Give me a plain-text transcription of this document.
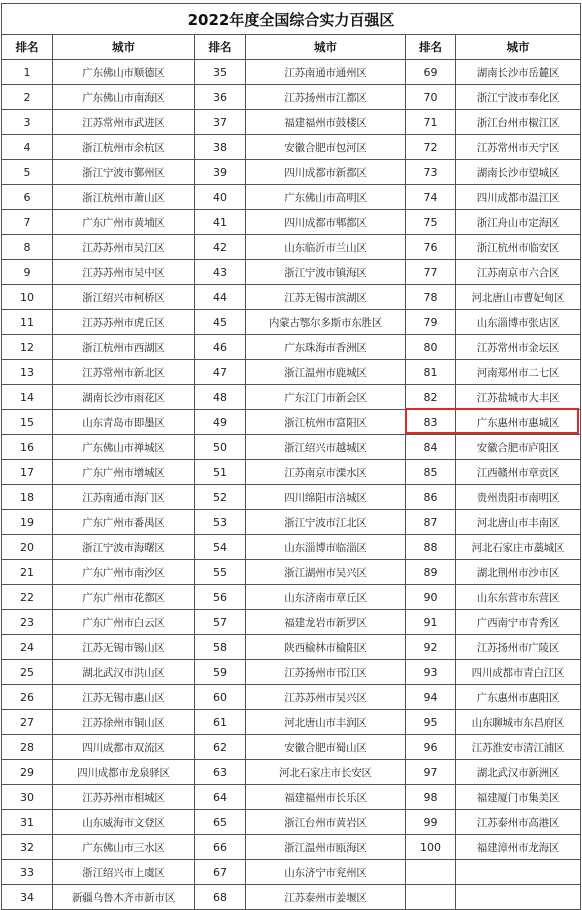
2022年度全国综合实力百强区					
排名	城市	排名	城市	排名	城市
1	广东佛山市顺德区	35	江苏南通市通州区	69	湖南长沙市岳麓区
2	广东佛山市南海区	36	江苏扬州市江都区	70	浙江宁波市奉化区
3	江苏常州市武进区	37	福建福州市鼓楼区	71	浙江台州市椒江区
4	浙江杭州市余杭区	38	安徽合肥市包河区	72	江苏常州市天宁区
5	浙江宁波市鄞州区	39	四川成都市新都区	73	湖南长沙市望城区
6	浙江杭州市萧山区	40	广东佛山市高明区	74	四川成都市温江区
7	广东广州市黄埔区	41	四川成都市郫都区	75	浙江舟山市定海区
8	江苏苏州市吴江区	42	山东临沂市兰山区	76	浙江杭州市临安区
9	江苏苏州市吴中区	43	浙江宁波市镇海区	77	江苏南京市六合区
10	浙江绍兴市柯桥区	44	江苏无锡市滨湖区	78	河北唐山市曹妃甸区
11	江苏苏州市虎丘区	45	内蒙古鄂尔多斯市东胜区	79	山东淄博市张店区
12	浙江杭州市西湖区	46	广东珠海市香洲区	80	江苏常州市金坛区
13	江苏常州市新北区	47	浙江温州市鹿城区	81	河南郑州市二七区
14	湖南长沙市雨花区	48	广东江门市新会区	82	江苏盐城市大丰区
15	山东青岛市即墨区	49	浙江杭州市富阳区	83	广东惠州市惠城区
16	广东佛山市禅城区	50	浙江绍兴市越城区	84	安徽合肥市庐阳区
17	广东广州市增城区	51	江苏南京市溧水区	85	江西赣州市章贡区
18	江苏南通市海门区	52	四川绵阳市涪城区	86	贵州贵阳市南明区
19	广东广州市番禺区	53	浙江宁波市江北区	87	河北唐山市丰南区
20	浙江宁波市海曙区	54	山东淄博市临淄区	88	河北石家庄市藁城区
21	广东广州市南沙区	55	浙江湖州市吴兴区	89	湖北荆州市沙市区
22	广东广州市花都区	56	山东济南市章丘区	90	山东东营市东营区
23	广东广州市白云区	57	福建龙岩市新罗区	91	广西南宁市青秀区
24	江苏无锡市锡山区	58	陕西榆林市榆阳区	92	江苏扬州市广陵区
25	湖北武汉市洪山区	59	江苏扬州市邗江区	93	四川成都市青白江区
26	江苏无锡市惠山区	60	江苏苏州市吴兴区	94	广东惠州市惠阳区
27	江苏徐州市铜山区	61	河北唐山市丰润区	95	山东聊城市东昌府区
28	四川成都市双流区	62	安徽合肥市蜀山区	96	江苏淮安市清江浦区
29	四川成都市龙泉驿区	63	河北石家庄市长安区	97	湖北武汉市新洲区
30	江苏苏州市相城区	64	福建福州市长乐区	98	福建厦门市集美区
31	山东威海市文登区	65	浙江台州市黄岩区	99	江苏泰州市高港区
32	广东佛山市三水区	66	浙江温州市瓯海区	100	福建漳州市龙海区
33	浙江绍兴市上虞区	67	山东济宁市兖州区		
34	新疆乌鲁木齐市新市区	68	江苏泰州市姜堰区		
